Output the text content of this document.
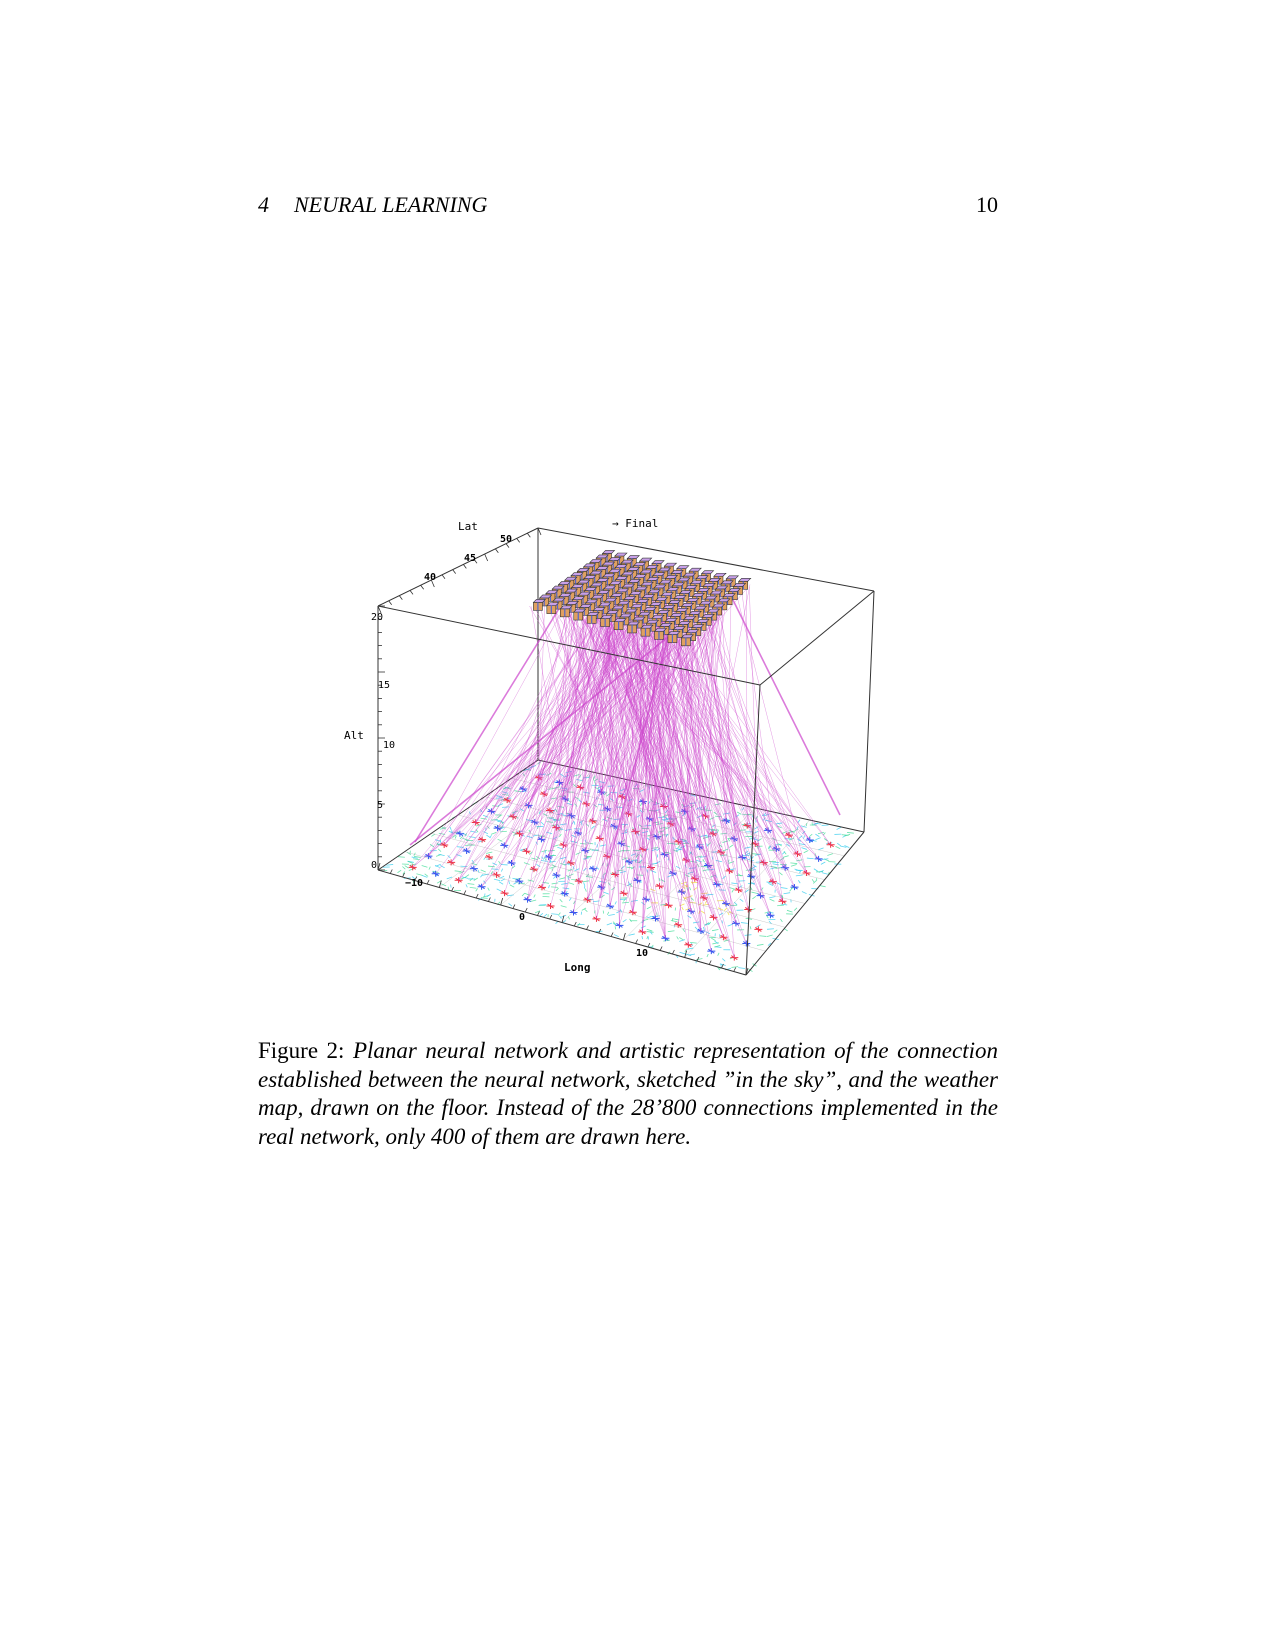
4 NEURAL LEARNING	10
→ Final
Lat
Alt
Long
40
45
50
0
5
10
15
20
−10
0
10
Figure 2: Planar neural network and artistic representation of the connection established between the neural network, sketched ”in the sky”, and the weather map, drawn on the floor. Instead of the 28’800 connections implemented in the real network, only 400 of them are drawn here.
